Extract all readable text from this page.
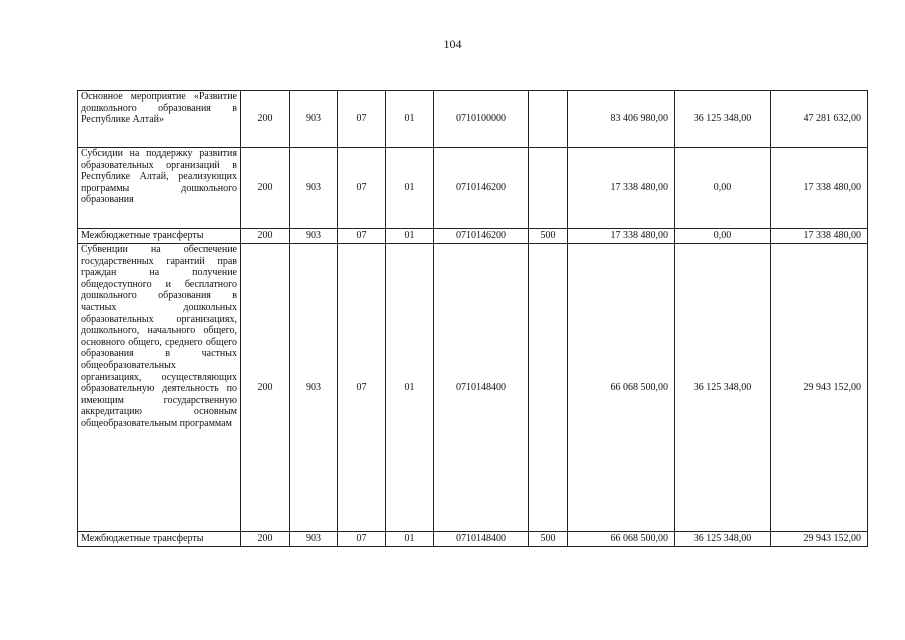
104
Основное мероприятие «Развитие дошкольного образования в Республике Алтай»	200	903	07	01	0710100000		83 406 980,00	36 125 348,00	47 281 632,00
Субсидии на поддержку развития образовательных организаций в Республике Алтай, реализующих программы дошкольного образования	200	903	07	01	0710146200		17 338 480,00	0,00	17 338 480,00
Межбюджетные трансферты	200	903	07	01	0710146200	500	17 338 480,00	0,00	17 338 480,00
Субвенции на обеспечение государственных гарантий прав граждан на получение общедоступного и бесплатного дошкольного образования в частных дошкольных образовательных организациях, дошкольного, начального общего, основного общего, среднего общего образования в частных общеобразовательных организациях, осуществляющих образовательную деятельность по имеющим государственную аккредитацию основным общеобразовательным программам	200	903	07	01	0710148400		66 068 500,00	36 125 348,00	29 943 152,00
Межбюджетные трансферты	200	903	07	01	0710148400	500	66 068 500,00	36 125 348,00	29 943 152,00
